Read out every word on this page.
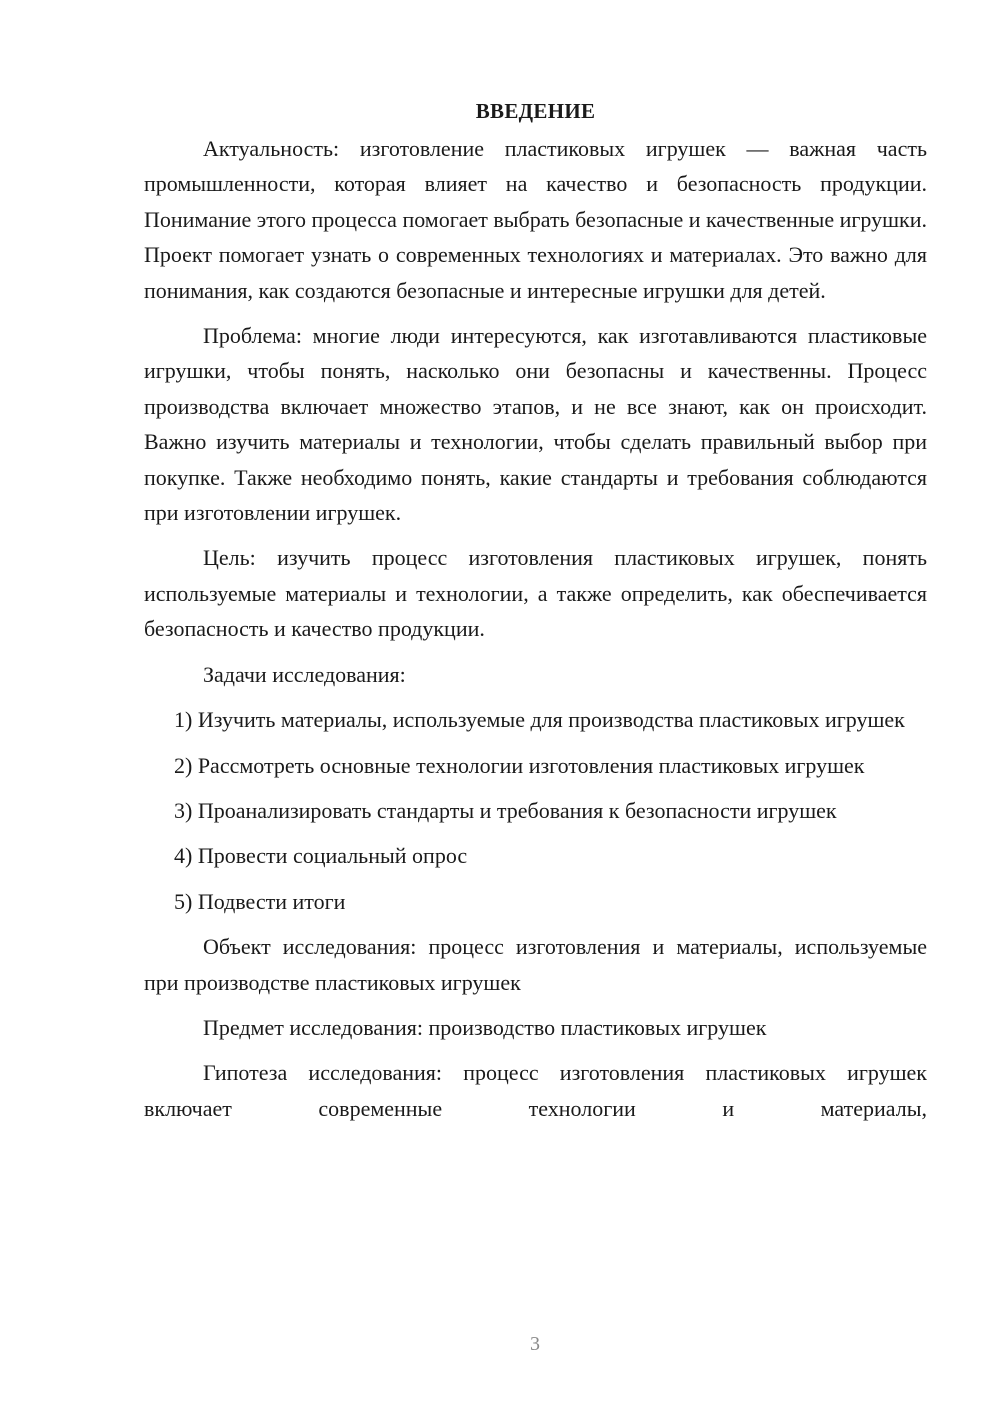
ВВЕДЕНИЕ

Актуальность: изготовление пластиковых игрушек — важная часть промышленности, которая влияет на качество и безопасность продукции. Понимание этого процесса помогает выбрать безопасные и качественные игрушки. Проект помогает узнать о современных технологиях и материалах. Это важно для понимания, как создаются безопасные и интересные игрушки для детей.

Проблема: многие люди интересуются, как изготавливаются пластиковые игрушки, чтобы понять, насколько они безопасны и качественны. Процесс производства включает множество этапов, и не все знают, как он происходит. Важно изучить материалы и технологии, чтобы сделать правильный выбор при покупке. Также необходимо понять, какие стандарты и требования соблюдаются при изготовлении игрушек.

Цель: изучить процесс изготовления пластиковых игрушек, понять используемые материалы и технологии, а также определить, как обеспечивается безопасность и качество продукции.

Задачи исследования:

1) Изучить материалы, используемые для производства пластиковых игрушек

2) Рассмотреть основные технологии изготовления пластиковых игрушек

3) Проанализировать стандарты и требования к безопасности игрушек

4) Провести социальный опрос

5) Подвести итоги

Объект исследования: процесс изготовления и материалы, используемые при производстве пластиковых игрушек

Предмет исследования: производство пластиковых игрушек

Гипотеза исследования: процесс изготовления пластиковых игрушек включает современные технологии и материалы,

3
